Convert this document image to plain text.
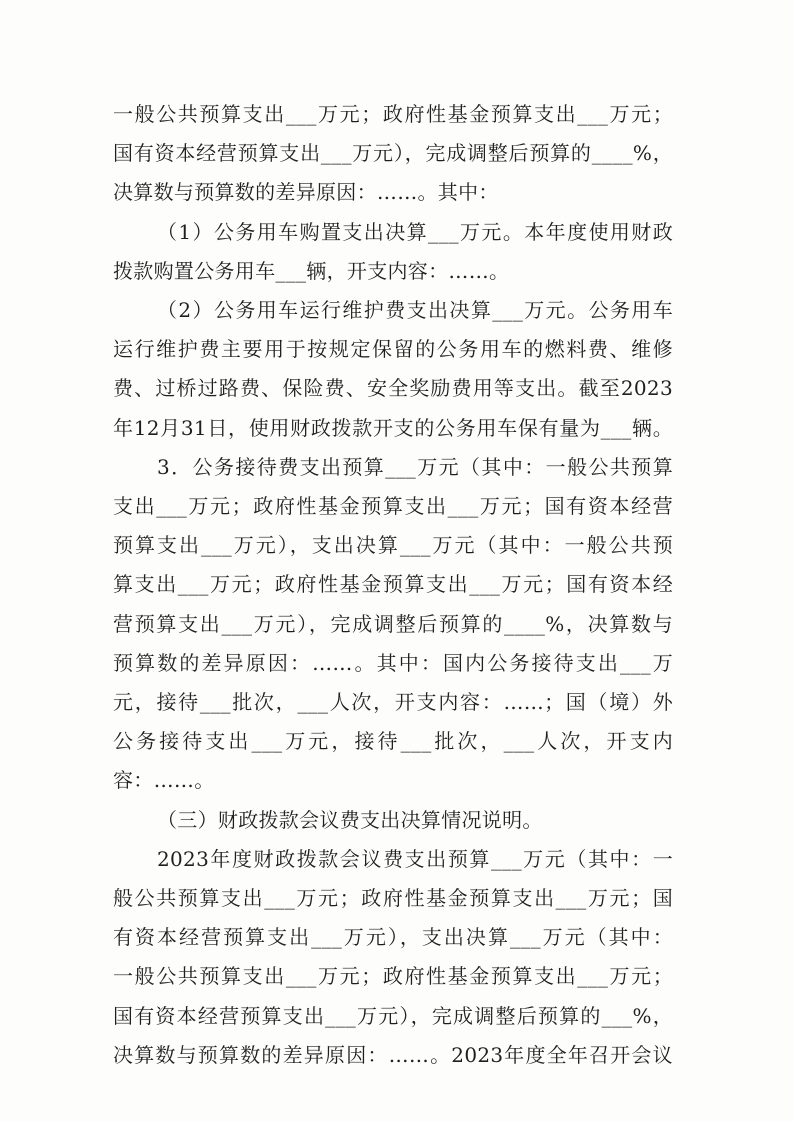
一般公共预算支出___万元；政府性基金预算支出___万元；
国有资本经营预算支出___万元），完成调整后预算的____%，
决算数与预算数的差异原因：……。其中：
（1）公务用车购置支出决算___万元。本年度使用财政
拨款购置公务用车___辆，开支内容：……。
（2）公务用车运行维护费支出决算___万元。公务用车
运行维护费主要用于按规定保留的公务用车的燃料费、维修
费、过桥过路费、保险费、安全奖励费用等支出。截至2023
年12月31日，使用财政拨款开支的公务用车保有量为___辆。
3．公务接待费支出预算___万元（其中：一般公共预算
支出___万元；政府性基金预算支出___万元；国有资本经营
预算支出___万元），支出决算___万元（其中：一般公共预
算支出___万元；政府性基金预算支出___万元；国有资本经
营预算支出___万元），完成调整后预算的____%，决算数与
预算数的差异原因：……。其中：国内公务接待支出___万
元，接待___批次，___人次，开支内容：……；国（境）外
公务接待支出___万元，接待___批次，___人次，开支内
容：……。
（三）财政拨款会议费支出决算情况说明。
2023年度财政拨款会议费支出预算___万元（其中：一
般公共预算支出___万元；政府性基金预算支出___万元；国
有资本经营预算支出___万元），支出决算___万元（其中：
一般公共预算支出___万元；政府性基金预算支出___万元；
国有资本经营预算支出___万元），完成调整后预算的___%，
决算数与预算数的差异原因：……。2023年度全年召开会议
